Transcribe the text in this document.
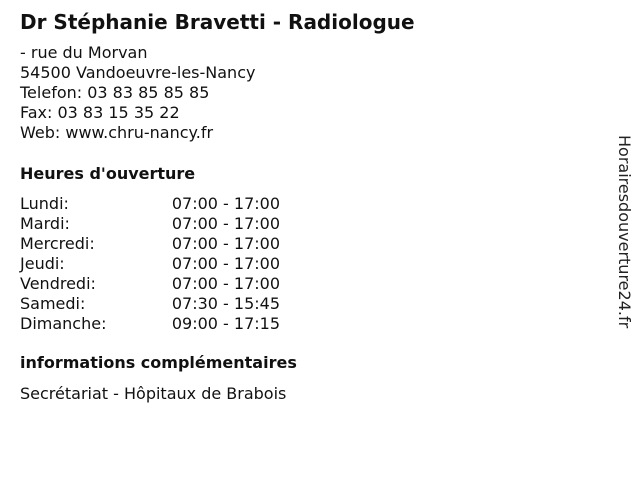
Dr Stéphanie Bravetti - Radiologue
- rue du Morvan
54500 Vandoeuvre-les-Nancy
Telefon: 03 83 85 85 85
Fax: 03 83 15 35 22
Web: www.chru-nancy.fr
Heures d'ouverture
Lundi:	07:00 - 17:00
Mardi:	07:00 - 17:00
Mercredi:	07:00 - 17:00
Jeudi:	07:00 - 17:00
Vendredi:	07:00 - 17:00
Samedi:	07:30 - 15:45
Dimanche:	09:00 - 17:15
informations complémentaires
Secrétariat - Hôpitaux de Brabois
Horairesdouverture24.fr
